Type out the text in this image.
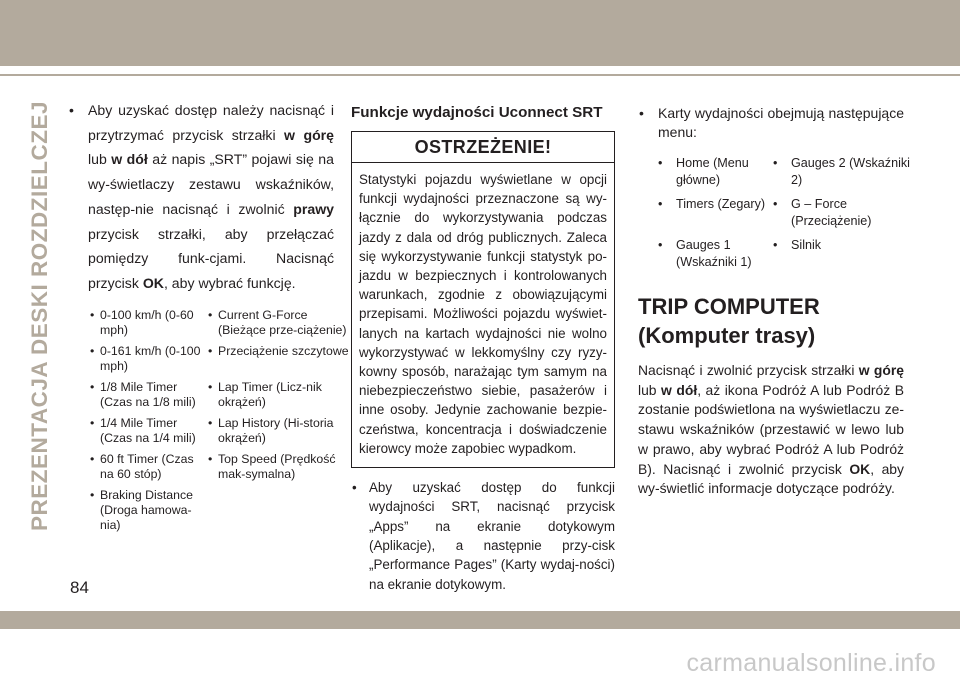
PREZENTACJA DESKI ROZDZIELCZEJ	• Aby uzyskać dostęp należy nacisnąć i przytrzymać przycisk strzałki w górę lub w dół aż napis „SRT” pojawi się na wy-świetlaczy zestawu wskaźników, następ-nie nacisnąć i zwolnić prawy przycisk strzałki, aby przełączać pomiędzy funk-cjami. Nacisnąć przycisk OK, aby wybrać funkcję.
• 0-100 km/h (0-60 mph)
• Current G-Force (Bieżące prze-ciążenie)
• 0-161 km/h (0-100 mph)
• Przeciążenie szczytowe
• 1/8 Mile Timer (Czas na 1/8 mili)
• Lap Timer (Licz-nik okrążeń)
• 1/4 Mile Timer (Czas na 1/4 mili)
• Lap History (Hi-storia okrążeń)
• 60 ft Timer (Czas na 60 stóp)
• Top Speed (Prędkość mak-symalna)
• Braking Distance (Droga hamowa-nia)
Funkcje wydajności Uconnect SRT
OSTRZEŻENIE!
Statystyki pojazdu wyświetlane w opcji funkcji wydajności przeznaczone są wy-łącznie do wykorzystywania podczas jazdy z dala od dróg publicznych. Zaleca się wykorzystywanie funkcji statystyk po-jazdu w bezpiecznych i kontrolowanych warunkach, zgodnie z obowiązującymi przepisami. Możliwości pojazdu wyświet-lanych na kartach wydajności nie wolno wykorzystywać w lekkomyślny czy ryzy-kowny sposób, narażając tym samym na niebezpieczeństwo siebie, pasażerów i inne osoby. Jedynie zachowanie bezpie-czeństwa, koncentracja i doświadczenie kierowcy może zapobiec wypadkom.
• Aby uzyskać dostęp do funkcji wydajności SRT, nacisnąć przycisk „Apps” na ekranie dotykowym (Aplikacje), a następnie przy-cisk „Performance Pages” (Karty wydaj-ności) na ekranie dotykowym.
• Karty wydajności obejmują następujące menu:
• Home (Menu główne)
• Gauges 2 (Wskaźniki 2)
• Timers (Zegary)	• G – Force (Przeciążenie)
• Gauges 1 (Wskaźniki 1)
• Silnik
TRIP COMPUTER (Komputer trasy)
Nacisnąć i zwolnić przycisk strzałki w górę lub w dół, aż ikona Podróż A lub Podróż B zostanie podświetlona na wyświetlaczu ze-stawu wskaźników (przestawić w lewo lub w prawo, aby wybrać Podróż A lub Podróż B). Nacisnąć i zwolnić przycisk OK, aby wy-świetlić informacje dotyczące podróży.
84
carmanualsonline.info
